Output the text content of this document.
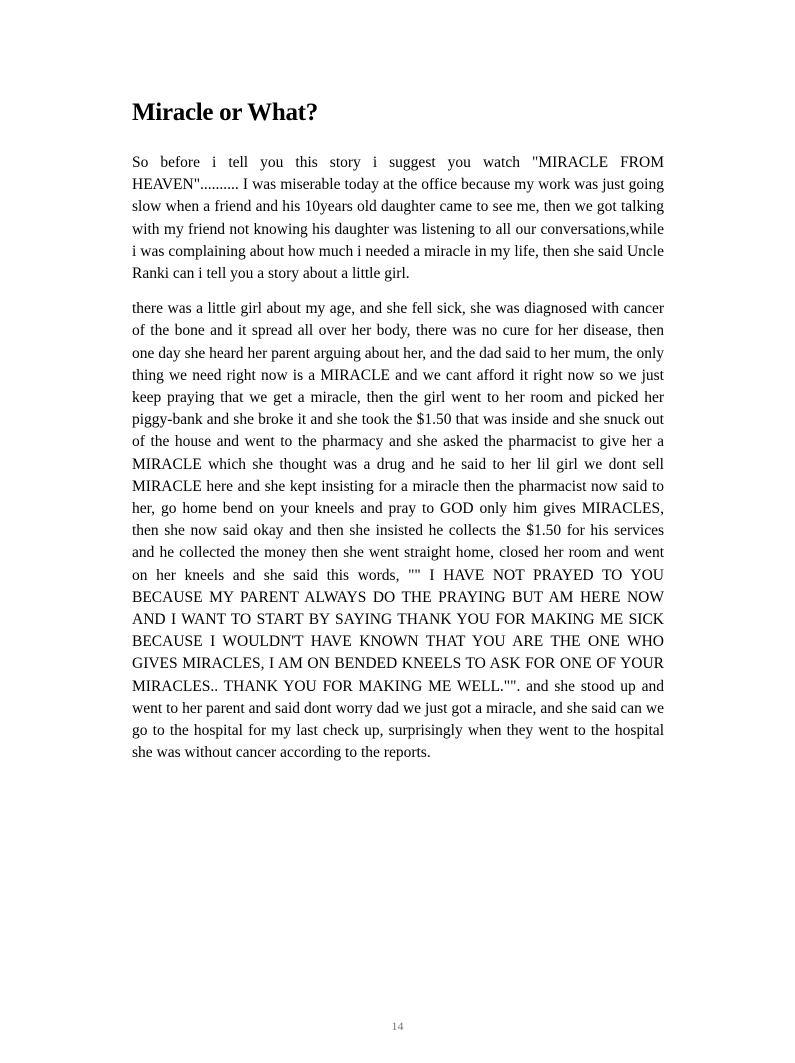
Miracle or What?

So before i tell you this story i suggest you watch "MIRACLE FROM HEAVEN".......... I was miserable today at the office because my work was just going slow when a friend and his 10years old daughter came to see me, then we got talking with my friend not knowing his daughter was listening to all our conversations,while i was complaining about how much i needed a miracle in my life, then she said Uncle Ranki can i tell you a story about a little girl.

there was a little girl about my age, and she fell sick, she was diagnosed with cancer of the bone and it spread all over her body, there was no cure for her disease, then one day she heard her parent arguing about her, and the dad said to her mum, the only thing we need right now is a MIRACLE and we cant afford it right now so we just keep praying that we get a miracle, then the girl went to her room and picked her piggy-bank and she broke it and she took the $1.50 that was inside and she snuck out of the house and went to the pharmacy and she asked the pharmacist to give her a MIRACLE which she thought was a drug and he said to her lil girl we dont sell MIRACLE here and she kept insisting for a miracle then the pharmacist now said to her, go home bend on your kneels and pray to GOD only him gives MIRACLES, then she now said okay and then she insisted he collects the $1.50 for his services and he collected the money then she went straight home, closed her room and went on her kneels and she said this words, "" I HAVE NOT PRAYED TO YOU BECAUSE MY PARENT ALWAYS DO THE PRAYING BUT AM HERE NOW AND I WANT TO START BY SAYING THANK YOU FOR MAKING ME SICK BECAUSE I WOULDN'T HAVE KNOWN THAT YOU ARE THE ONE WHO GIVES MIRACLES, I AM ON BENDED KNEELS TO ASK FOR ONE OF YOUR MIRACLES.. THANK YOU FOR MAKING ME WELL."". and she stood up and went to her parent and said dont worry dad we just got a miracle, and she said can we go to the hospital for my last check up, surprisingly when they went to the hospital she was without cancer according to the reports.

14
